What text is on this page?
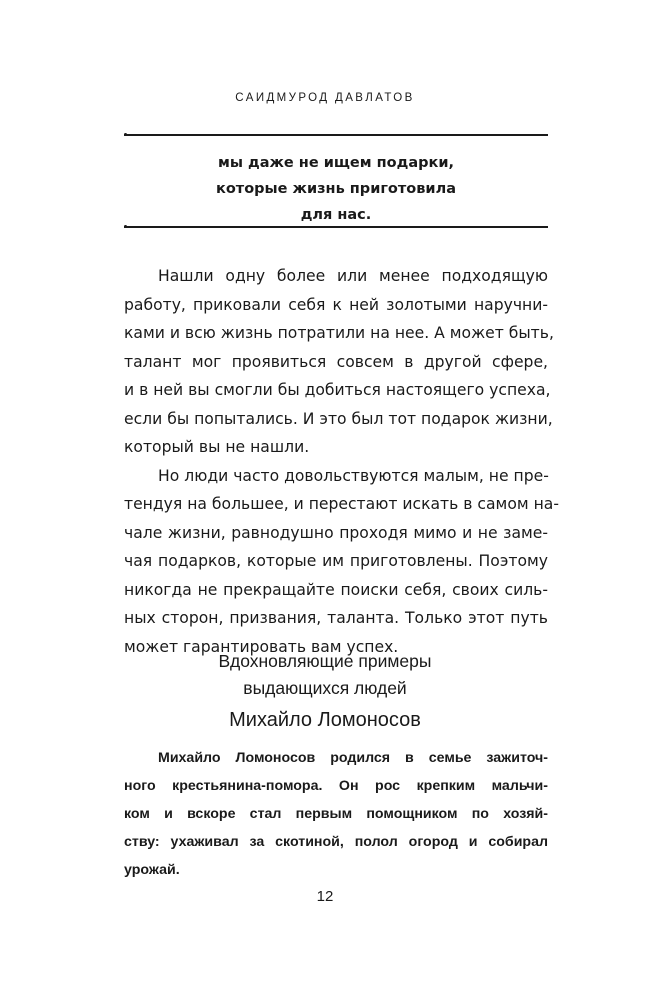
САИДМУРОД ДАВЛАТОВ
мы даже не ищем подарки,
которые жизнь приготовила
для нас.
Нашли одну более или менее подходящую
работу, приковали себя к ней золотыми наручни-
ками и всю жизнь потратили на нее. А может быть,
талант мог проявиться совсем в другой сфере,
и в ней вы смогли бы добиться настоящего успеха,
если бы попытались. И это был тот подарок жизни,
который вы не нашли.
Но люди часто довольствуются малым, не пре-
тендуя на большее, и перестают искать в самом на-
чале жизни, равнодушно проходя мимо и не заме-
чая подарков, которые им приготовлены. Поэтому
никогда не прекращайте поиски себя, своих силь-
ных сторон, призвания, таланта. Только этот путь
может гарантировать вам успех.
Вдохновляющие примеры
выдающихся людей
Михайло Ломоносов
Михайло Ломоносов родился в семье зажиточ-
ного крестьянина-помора. Он рос крепким мальчи-
ком и вскоре стал первым помощником по хозяй-
ству: ухаживал за скотиной, полол огород и собирал
урожай.
12
